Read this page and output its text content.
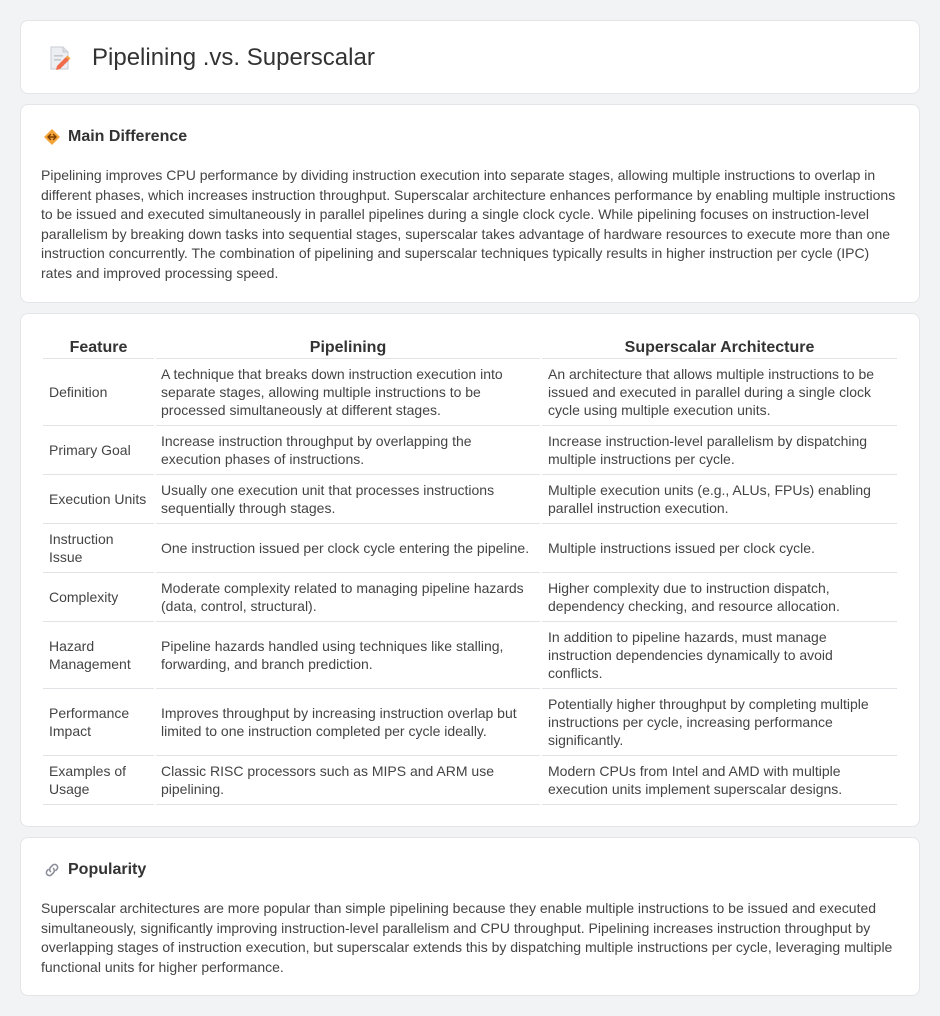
Pipelining .vs. Superscalar
Main Difference

Pipelining improves CPU performance by dividing instruction execution into separate stages, allowing multiple instructions to overlap in different phases, which increases instruction throughput. Superscalar architecture enhances performance by enabling multiple instructions to be issued and executed simultaneously in parallel pipelines during a single clock cycle. While pipelining focuses on instruction-level parallelism by breaking down tasks into sequential stages, superscalar takes advantage of hardware resources to execute more than one instruction concurrently. The combination of pipelining and superscalar techniques typically results in higher instruction per cycle (IPC) rates and improved processing speed.

Feature	Pipelining	Superscalar Architecture
Definition	A technique that breaks down instruction execution into separate stages, allowing multiple instructions to be processed simultaneously at different stages.	An architecture that allows multiple instructions to be issued and executed in parallel during a single clock cycle using multiple execution units.
Primary Goal	Increase instruction throughput by overlapping the execution phases of instructions.	Increase instruction-level parallelism by dispatching multiple instructions per cycle.
Execution Units	Usually one execution unit that processes instructions sequentially through stages.	Multiple execution units (e.g., ALUs, FPUs) enabling parallel instruction execution.
Instruction Issue	One instruction issued per clock cycle entering the pipeline.	Multiple instructions issued per clock cycle.
Complexity	Moderate complexity related to managing pipeline hazards (data, control, structural).	Higher complexity due to instruction dispatch, dependency checking, and resource allocation.
Hazard Management	Pipeline hazards handled using techniques like stalling, forwarding, and branch prediction.	In addition to pipeline hazards, must manage instruction dependencies dynamically to avoid conflicts.
Performance Impact	Improves throughput by increasing instruction overlap but limited to one instruction completed per cycle ideally.	Potentially higher throughput by completing multiple instructions per cycle, increasing performance significantly.
Examples of Usage	Classic RISC processors such as MIPS and ARM use pipelining.	Modern CPUs from Intel and AMD with multiple execution units implement superscalar designs.
Popularity

Superscalar architectures are more popular than simple pipelining because they enable multiple instructions to be issued and executed simultaneously, significantly improving instruction-level parallelism and CPU throughput. Pipelining increases instruction throughput by overlapping stages of instruction execution, but superscalar extends this by dispatching multiple instructions per cycle, leveraging multiple functional units for higher performance.
